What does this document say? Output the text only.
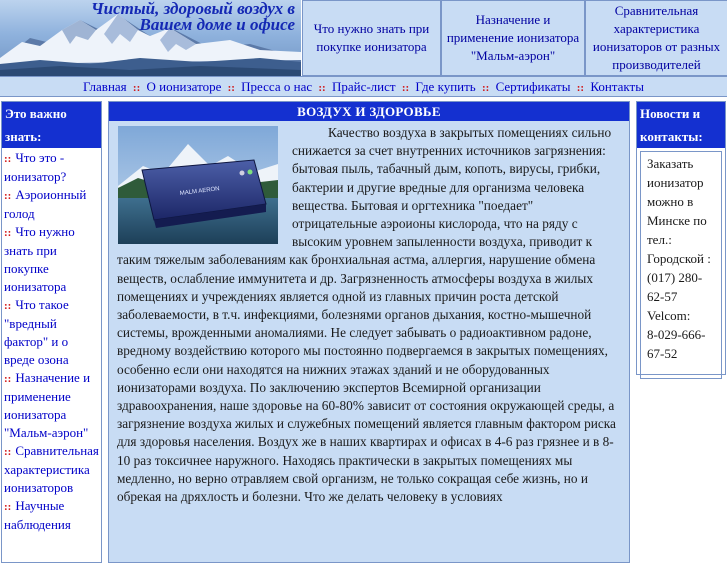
Чистый, здоровый воздух в Вашем доме и офисе	Что нужно знать при покупке ионизатора
Назначение и применение ионизатора "Мальм-аэрон"
Сравнительная характеристика ионизаторов от разных производителей
Главная :: О ионизаторе :: Пресса о нас :: Прайс-лист :: Где купить :: Сертификаты :: Контакты
Это важно знать:
:: Что это - ионизатор?
:: Аэроионный голод
:: Что нужно знать при покупке ионизатора
:: Что такое "вредный фактор" и о вреде озона
:: Назначение и применение ионизатора "Мальм-аэрон"
:: Сравнительная характеристика ионизаторов
:: Научные наблюдения
ВОЗДУХ И ЗДОРОВЬЕ
MALM AERON

Качество воздуха в закрытых помещениях сильно снижается за счет внутренних источников загрязнения: бытовая пыль, табачный дым, копоть, вирусы, грибки, бактерии и другие вредные для организма человека вещества. Бытовая и оргтехника "поедает" отрицательные аэроионы кислорода, что на ряду с высоким уровнем запыленности воздуха, приводит к таким тяжелым заболеваниям как бронхиальная астма, аллергия, нарушение обмена веществ, ослабление иммунитета и др. Загрязненность атмосферы воздуха в жилых помещениях и учреждениях является одной из главных причин роста детской заболеваемости, в т.ч. инфекциями, болезнями органов дыхания, костно-мышечной системы, врожденными аномалиями. Не следует забывать о радиоактивном радоне, вредному воздействию которого мы постоянно подвергаемся в закрытых помещениях, особенно если они находятся на нижних этажах зданий и не оборудованных ионизаторами воздуха. По заключению экспертов Всемирной организации здравоохранения, наше здоровье на 60-80% зависит от состояния окружающей среды, а загрязнение воздуха жилых и служебных помещений является главным фактором риска для здоровья населения. Воздух же в наших квартирах и офисах в 4-6 раз грязнее и в 8-10 раз токсичнее наружного. Находясь практически в закрытых помещениях мы медленно, но верно отравляем свой организм, не только сокращая себе жизнь, но и обрекая на дряхлость и болезни. Что же делать человеку в условиях

Новости и контакты:
Заказать ионизатор можно в Минске по тел.:
Городской :
(017) 280-62-57
Velcom:
8-029-666-67-52
